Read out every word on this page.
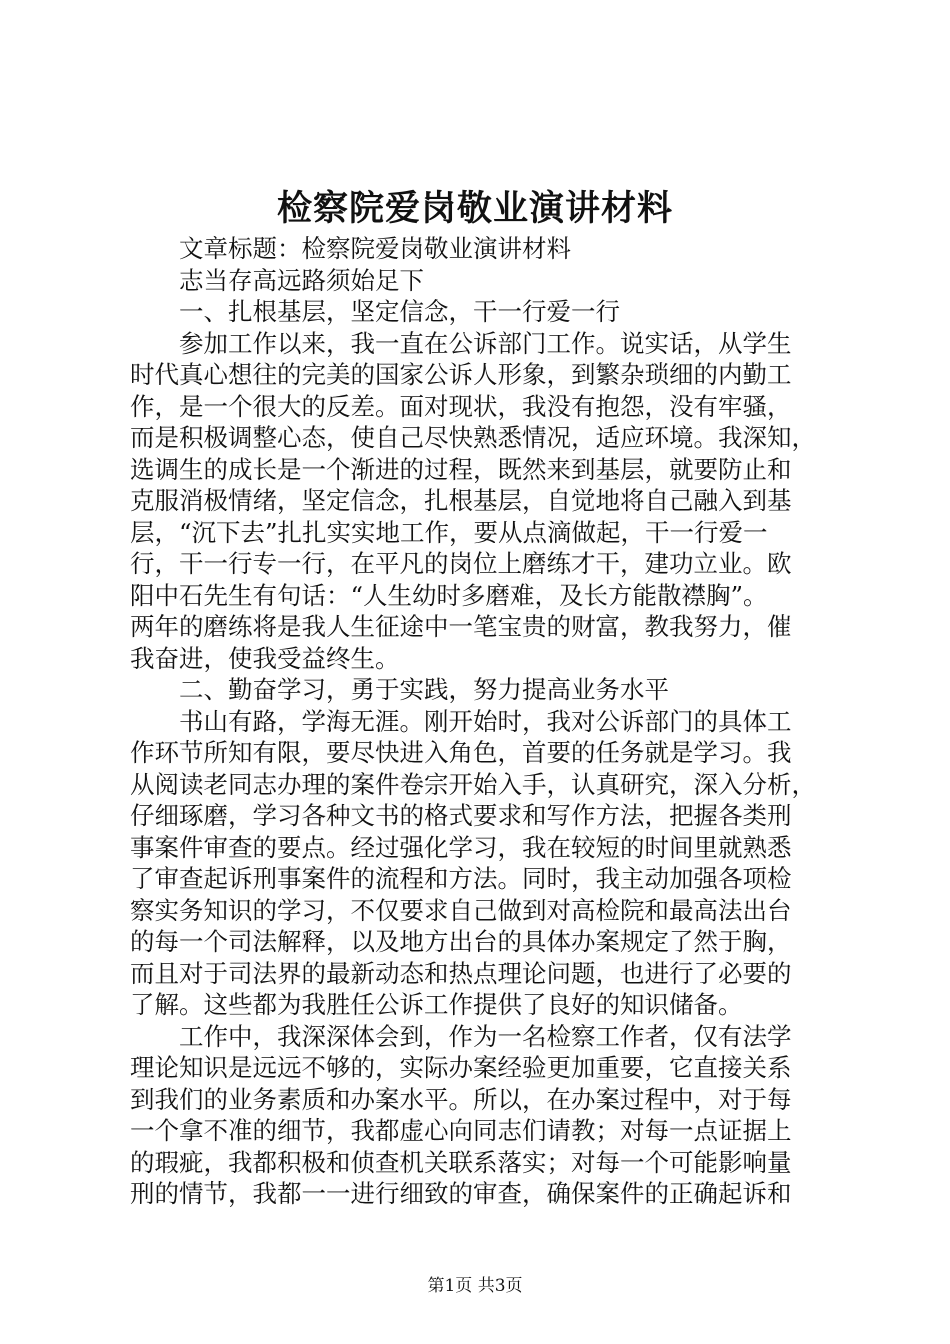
检察院爱岗敬业演讲材料
文章标题：检察院爱岗敬业演讲材料
志当存高远路须始足下
一、扎根基层，坚定信念，干一行爱一行
参加工作以来，我一直在公诉部门工作。说实话，从学生
时代真心想往的完美的国家公诉人形象，到繁杂琐细的内勤工
作，是一个很大的反差。面对现状，我没有抱怨，没有牢骚，
而是积极调整心态，使自己尽快熟悉情况，适应环境。我深知，
选调生的成长是一个渐进的过程，既然来到基层，就要防止和
克服消极情绪，坚定信念，扎根基层，自觉地将自己融入到基
层，“沉下去”扎扎实实地工作，要从点滴做起，干一行爱一
行，干一行专一行，在平凡的岗位上磨练才干，建功立业。欧
阳中石先生有句话：“人生幼时多磨难，及长方能散襟胸”。
两年的磨练将是我人生征途中一笔宝贵的财富，教我努力，催
我奋进，使我受益终生。
二、勤奋学习，勇于实践，努力提高业务水平
书山有路，学海无涯。刚开始时，我对公诉部门的具体工
作环节所知有限，要尽快进入角色，首要的任务就是学习。我
从阅读老同志办理的案件卷宗开始入手，认真研究，深入分析，
仔细琢磨，学习各种文书的格式要求和写作方法，把握各类刑
事案件审查的要点。经过强化学习，我在较短的时间里就熟悉
了审查起诉刑事案件的流程和方法。同时，我主动加强各项检
察实务知识的学习，不仅要求自己做到对高检院和最高法出台
的每一个司法解释，以及地方出台的具体办案规定了然于胸，
而且对于司法界的最新动态和热点理论问题，也进行了必要的
了解。这些都为我胜任公诉工作提供了良好的知识储备。
工作中，我深深体会到，作为一名检察工作者，仅有法学
理论知识是远远不够的，实际办案经验更加重要，它直接关系
到我们的业务素质和办案水平。所以，在办案过程中，对于每
一个拿不准的细节，我都虚心向同志们请教；对每一点证据上
的瑕疵，我都积极和侦查机关联系落实；对每一个可能影响量
刑的情节，我都一一进行细致的审查，确保案件的正确起诉和
第1页 共3页
